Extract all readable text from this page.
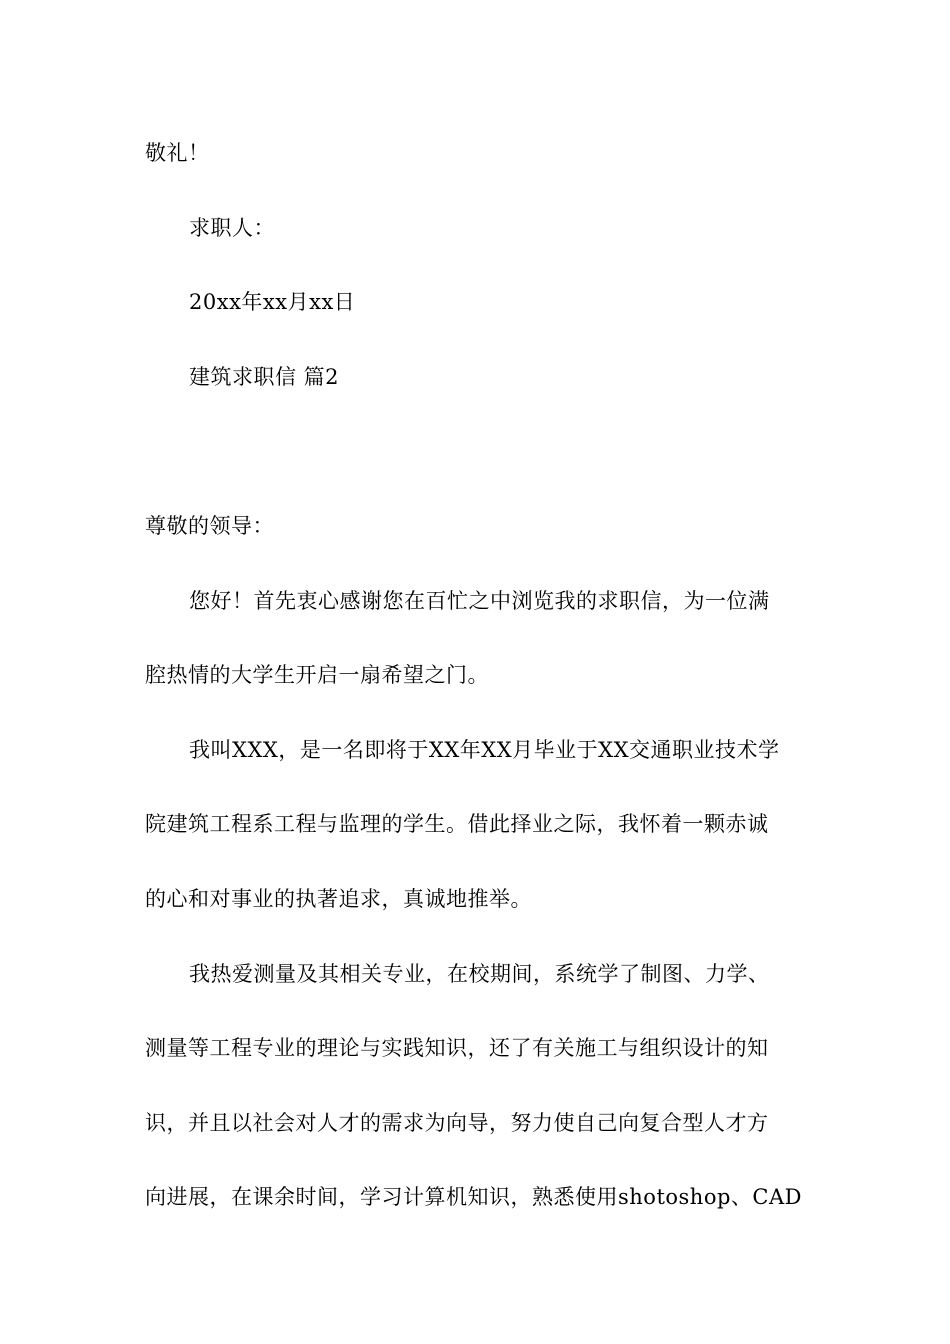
敬礼！
求职人：
20xx年xx月xx日
建筑求职信 篇2
尊敬的领导：
您好！首先衷心感谢您在百忙之中浏览我的求职信，为一位满
腔热情的大学生开启一扇希望之门。
我叫XXX，是一名即将于XX年XX月毕业于XX交通职业技术学
院建筑工程系工程与监理的学生。借此择业之际，我怀着一颗赤诚
的心和对事业的执著追求，真诚地推举。
我热爱测量及其相关专业，在校期间，系统学了制图、力学、
测量等工程专业的理论与实践知识，还了有关施工与组织设计的知
识，并且以社会对人才的需求为向导，努力使自己向复合型人才方
向进展，在课余时间，学习计算机知识，熟悉使用shotoshop、CAD
